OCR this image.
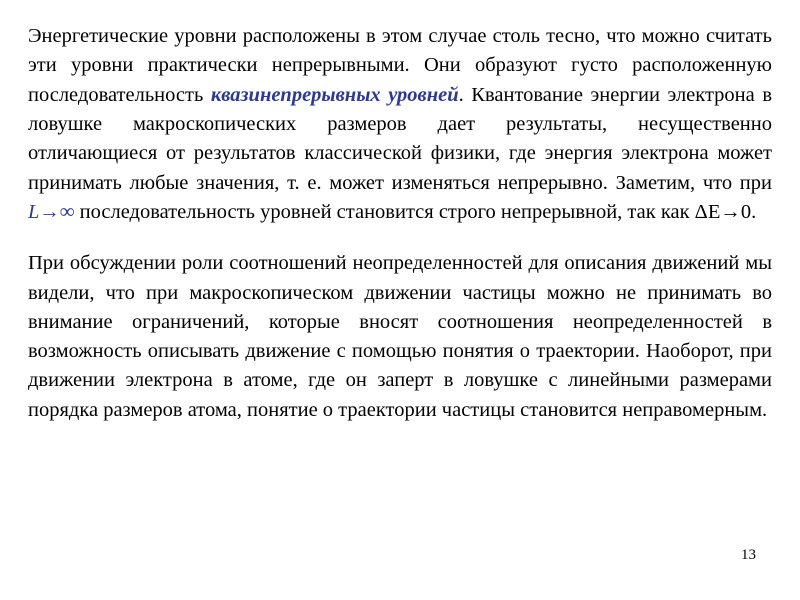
Энергетические уровни расположены в этом случае столь тесно, что можно считать эти уровни практически непрерывными. Они образуют густо расположенную последовательность квазинепрерывных уровней. Квантование энергии электрона в ловушке макроскопических размеров дает результаты, несущественно отличающиеся от результатов классической физики, где энергия электрона может принимать любые значения, т. е. может изменяться непрерывно. Заметим, что при L→∞ последовательность уровней становится строго непрерывной, так как ΔE→0.

При обсуждении роли соотношений неопределенностей для описания движений мы видели, что при макроскопическом движении частицы можно не принимать во внимание ограничений, которые вносят соотношения неопределенностей в возможность описывать движение с помощью понятия о траектории. Наоборот, при движении электрона в атоме, где он заперт в ловушке с линейными размерами порядка размеров атома, понятие о траектории частицы становится неправомерным.

13
